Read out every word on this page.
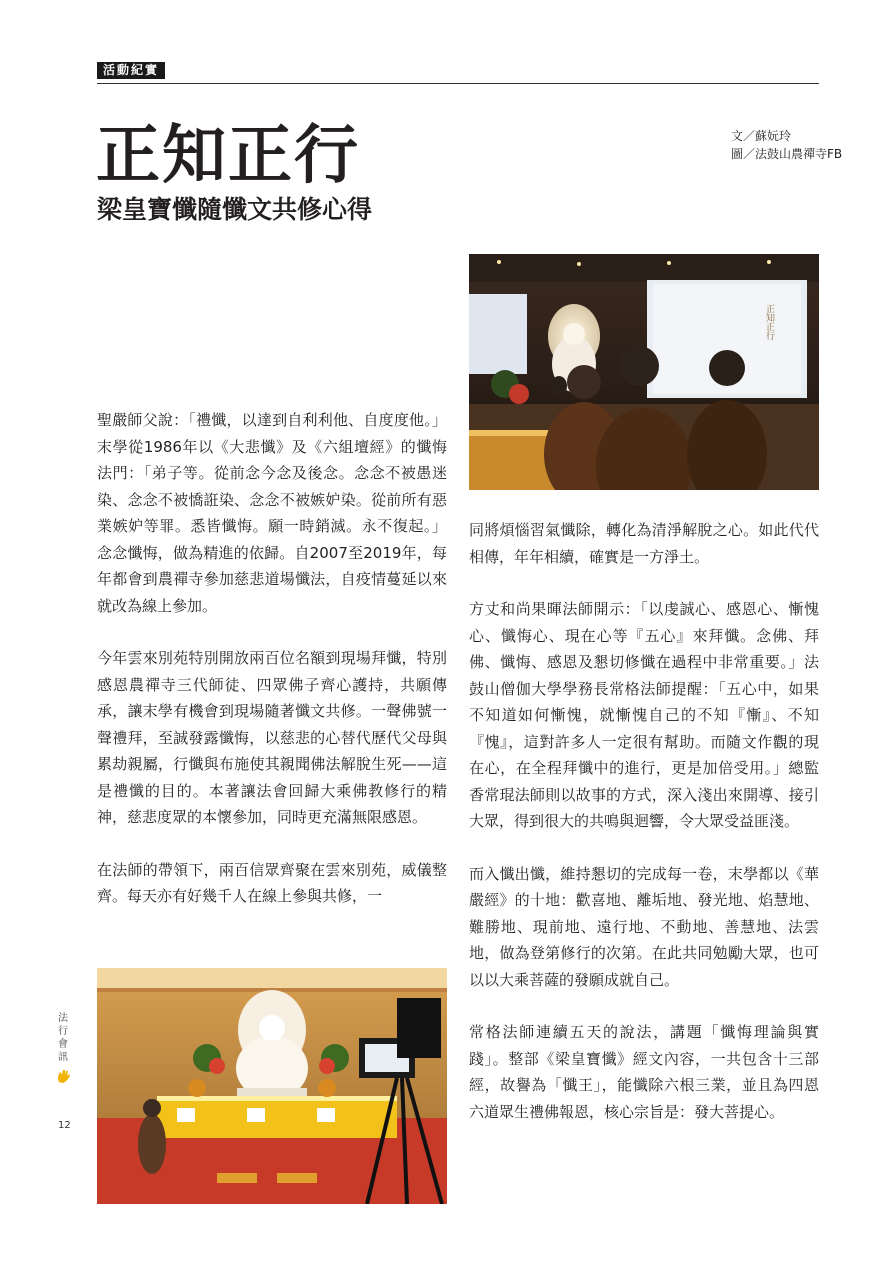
活動紀實
正知正行
梁皇寶懺隨懺文共修心得
文／蘇妧玲
圖／法鼓山農禪寺FB
正知正行

聖嚴師父說：「禮懺，以達到自利利他、自度度他。」末學從1986年以《大悲懺》及《六組壇經》的懺悔法門：「弟子等。從前念今念及後念。念念不被愚迷染、念念不被憍誑染、念念不被嫉妒染。從前所有惡業嫉妒等罪。悉皆懺悔。願一時銷滅。永不復起。」念念懺悔，做為精進的依歸。自2007至2019年，每年都會到農禪寺參加慈悲道場懺法，自疫情蔓延以來就改為線上參加。

今年雲來別苑特別開放兩百位名額到現場拜懺，特別感恩農禪寺三代師徒、四眾佛子齊心護持，共願傳承，讓末學有機會到現場隨著懺文共修。一聲佛號一聲禮拜，至誠發露懺悔，以慈悲的心替代歷代父母與累劫親屬，行懺與布施使其親聞佛法解脫生死——這是禮懺的目的。本著讓法會回歸大乘佛教修行的精神，慈悲度眾的本懷參加，同時更充滿無限感恩。

在法師的帶領下，兩百信眾齊聚在雲來別苑，威儀整齊。每天亦有好幾千人在線上參與共修，一

同將煩惱習氣懺除，轉化為清淨解脫之心。如此代代相傳，年年相續，確實是一方淨土。

方丈和尚果暉法師開示：「以虔誠心、感恩心、慚愧心、懺悔心、現在心等『五心』來拜懺。念佛、拜佛、懺悔、感恩及懇切修懺在過程中非常重要。」法鼓山僧伽大學學務長常格法師提醒：「五心中，如果不知道如何慚愧，就慚愧自己的不知『慚』、不知『愧』，這對許多人一定很有幫助。而隨文作觀的現在心，在全程拜懺中的進行，更是加倍受用。」總監香常琨法師則以故事的方式，深入淺出來開導、接引大眾，得到很大的共鳴與迴響，令大眾受益匪淺。

而入懺出懺，維持懇切的完成每一卷，末學都以《華嚴經》的十地：歡喜地、離垢地、發光地、焰慧地、難勝地、現前地、遠行地、不動地、善慧地、法雲地，做為登第修行的次第。在此共同勉勵大眾，也可以以大乘菩薩的發願成就自己。

常格法師連續五天的說法，講題「懺悔理論與實踐」。整部《梁皇寶懺》經文內容，一共包含十三部經，故譽為「懺王」，能懺除六根三業，並且為四恩六道眾生禮佛報恩，核心宗旨是：發大菩提心。

法行會訊
12
